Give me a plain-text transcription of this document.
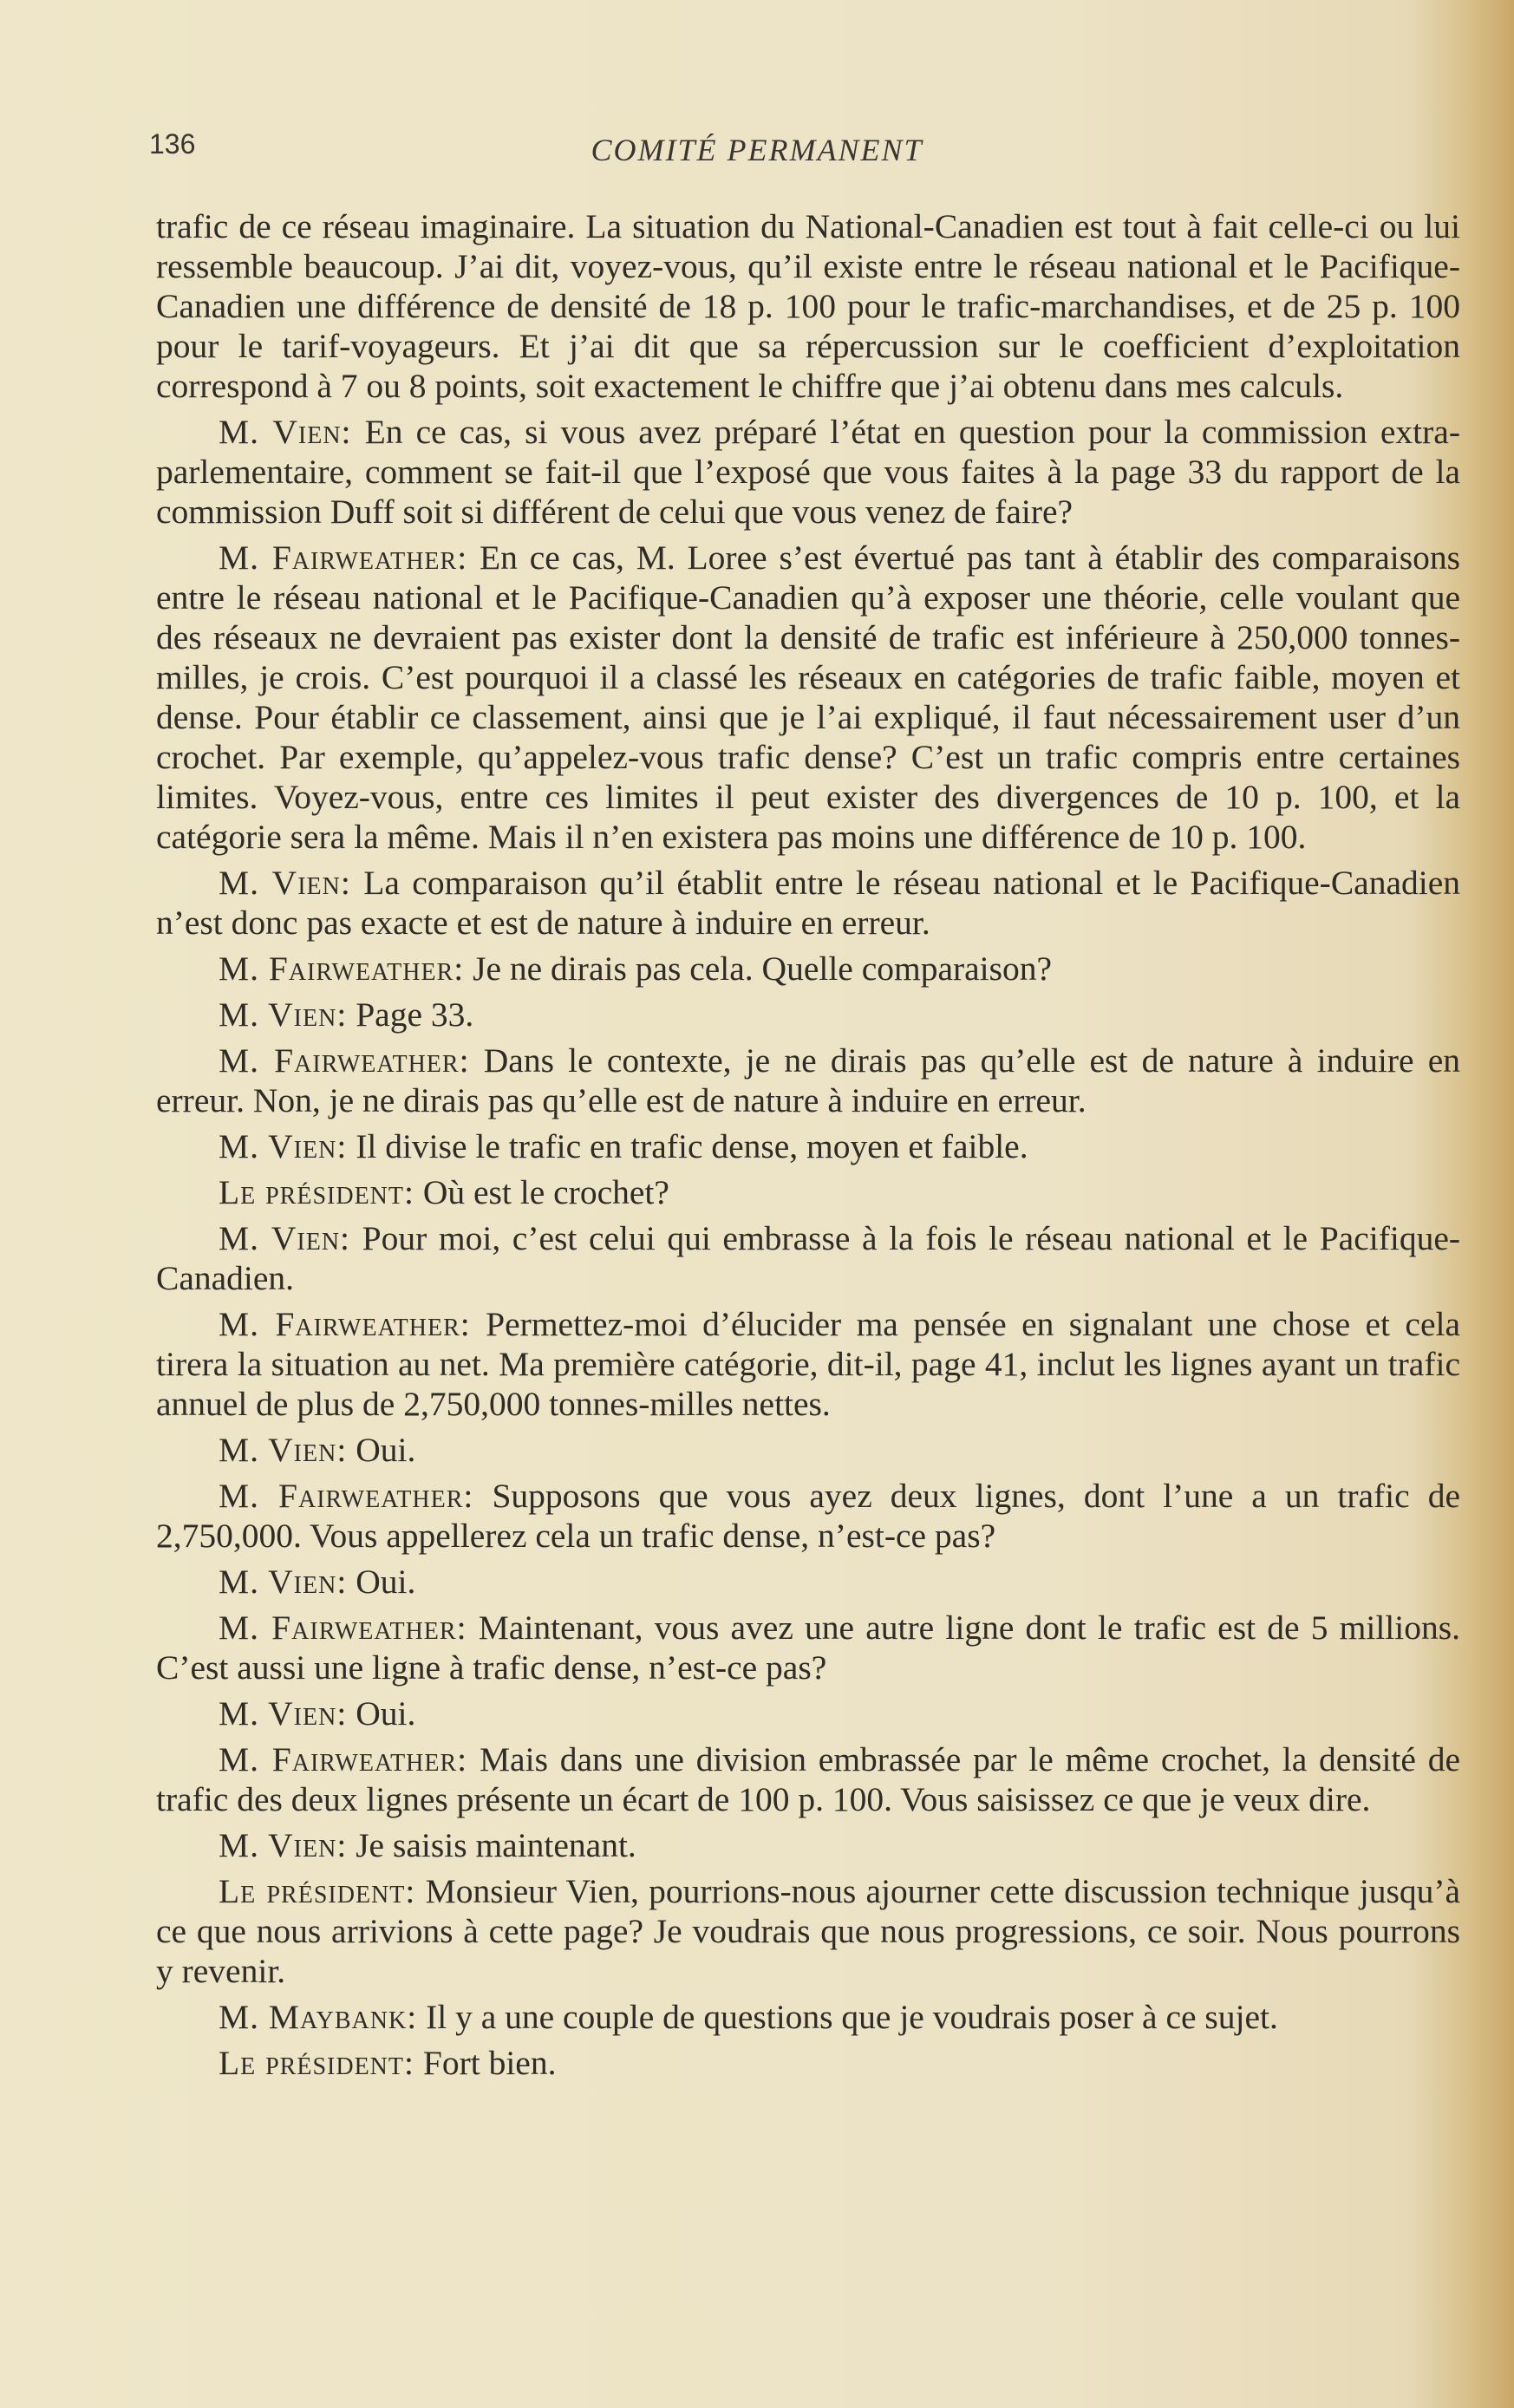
136	COMITÉ PERMANENT

trafic de ce réseau imaginaire. La situation du National-Canadien est tout à fait celle-ci ou lui ressemble beaucoup. J’ai dit, voyez-vous, qu’il existe entre le réseau national et le Pacifique-Canadien une différence de densité de 18 p. 100 pour le trafic-marchandises, et de 25 p. 100 pour le tarif-voyageurs. Et j’ai dit que sa répercussion sur le coefficient d’exploitation correspond à 7 ou 8 points, soit exactement le chiffre que j’ai obtenu dans mes calculs.

M. Vien: En ce cas, si vous avez préparé l’état en question pour la commission extra-parlementaire, comment se fait-il que l’exposé que vous faites à la page 33 du rapport de la commission Duff soit si différent de celui que vous venez de faire?

M. Fairweather: En ce cas, M. Loree s’est évertué pas tant à établir des comparaisons entre le réseau national et le Pacifique-Canadien qu’à exposer une théorie, celle voulant que des réseaux ne devraient pas exister dont la densité de trafic est inférieure à 250,000 tonnes-milles, je crois. C’est pourquoi il a classé les réseaux en catégories de trafic faible, moyen et dense. Pour établir ce classement, ainsi que je l’ai expliqué, il faut nécessairement user d’un crochet. Par exemple, qu’appelez-vous trafic dense? C’est un trafic compris entre certaines limites. Voyez-vous, entre ces limites il peut exister des divergences de 10 p. 100, et la catégorie sera la même. Mais il n’en existera pas moins une différence de 10 p. 100.

M. Vien: La comparaison qu’il établit entre le réseau national et le Pacifique-Canadien n’est donc pas exacte et est de nature à induire en erreur.

M. Fairweather: Je ne dirais pas cela. Quelle comparaison?

M. Vien: Page 33.

M. Fairweather: Dans le contexte, je ne dirais pas qu’elle est de nature à induire en erreur. Non, je ne dirais pas qu’elle est de nature à induire en erreur.

M. Vien: Il divise le trafic en trafic dense, moyen et faible.

Le président: Où est le crochet?

M. Vien: Pour moi, c’est celui qui embrasse à la fois le réseau national et le Pacifique-Canadien.

M. Fairweather: Permettez-moi d’élucider ma pensée en signalant une chose et cela tirera la situation au net. Ma première catégorie, dit-il, page 41, inclut les lignes ayant un trafic annuel de plus de 2,750,000 tonnes-milles nettes.

M. Vien: Oui.

M. Fairweather: Supposons que vous ayez deux lignes, dont l’une a un trafic de 2,750,000. Vous appellerez cela un trafic dense, n’est-ce pas?

M. Vien: Oui.

M. Fairweather: Maintenant, vous avez une autre ligne dont le trafic est de 5 millions. C’est aussi une ligne à trafic dense, n’est-ce pas?

M. Vien: Oui.

M. Fairweather: Mais dans une division embrassée par le même crochet, la densité de trafic des deux lignes présente un écart de 100 p. 100. Vous saisissez ce que je veux dire.

M. Vien: Je saisis maintenant.

Le président: Monsieur Vien, pourrions-nous ajourner cette discussion technique jusqu’à ce que nous arrivions à cette page? Je voudrais que nous progressions, ce soir. Nous pourrons y revenir.

M. Maybank: Il y a une couple de questions que je voudrais poser à ce sujet.

Le président: Fort bien.
